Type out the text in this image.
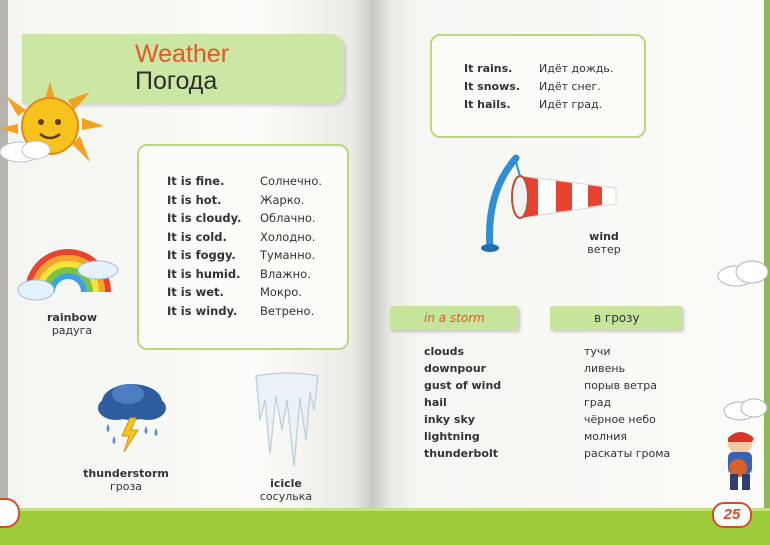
Weather
Погода
It is fine.	Солнечно.
It is hot.	Жарко.
It is cloudy. Облачно.
It is cold.	Холодно.
It is foggy. Туманно.
It is humid. Влажно.
It is wet.	Мокро.
It is windy. Ветрено.
rainbow
радуга
thunderstorm
гроза	icicle
сосулька
It rains. Идёт дождь.
It snows. Идёт снег.
It hails.	Идёт град.
wind
ветер
in a storm	в грозу
clouds	тучи
downpour	ливень
gust of wind	порыв ветра
hail	град
inky sky	чёрное небо
lightning	молния
thunderbolt	раскаты грома
25
